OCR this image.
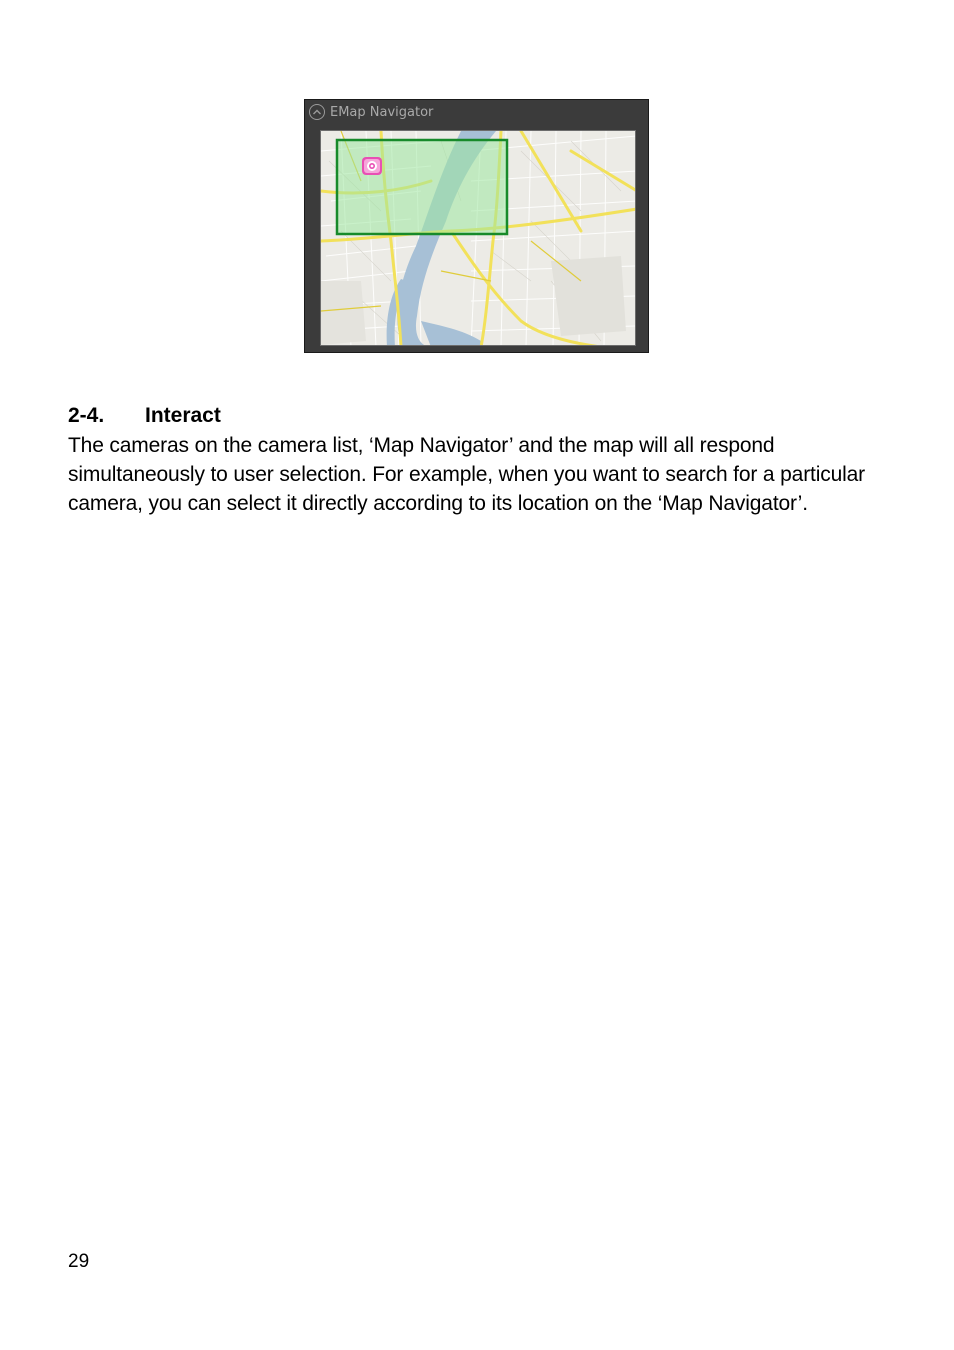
EMap Navigator
2-4. Interact

The cameras on the camera list, ‘Map Navigator’ and the map will all respond simultaneously to user selection. For example, when you want to search for a particular camera, you can select it directly according to its location on the ‘Map Navigator’.

29
